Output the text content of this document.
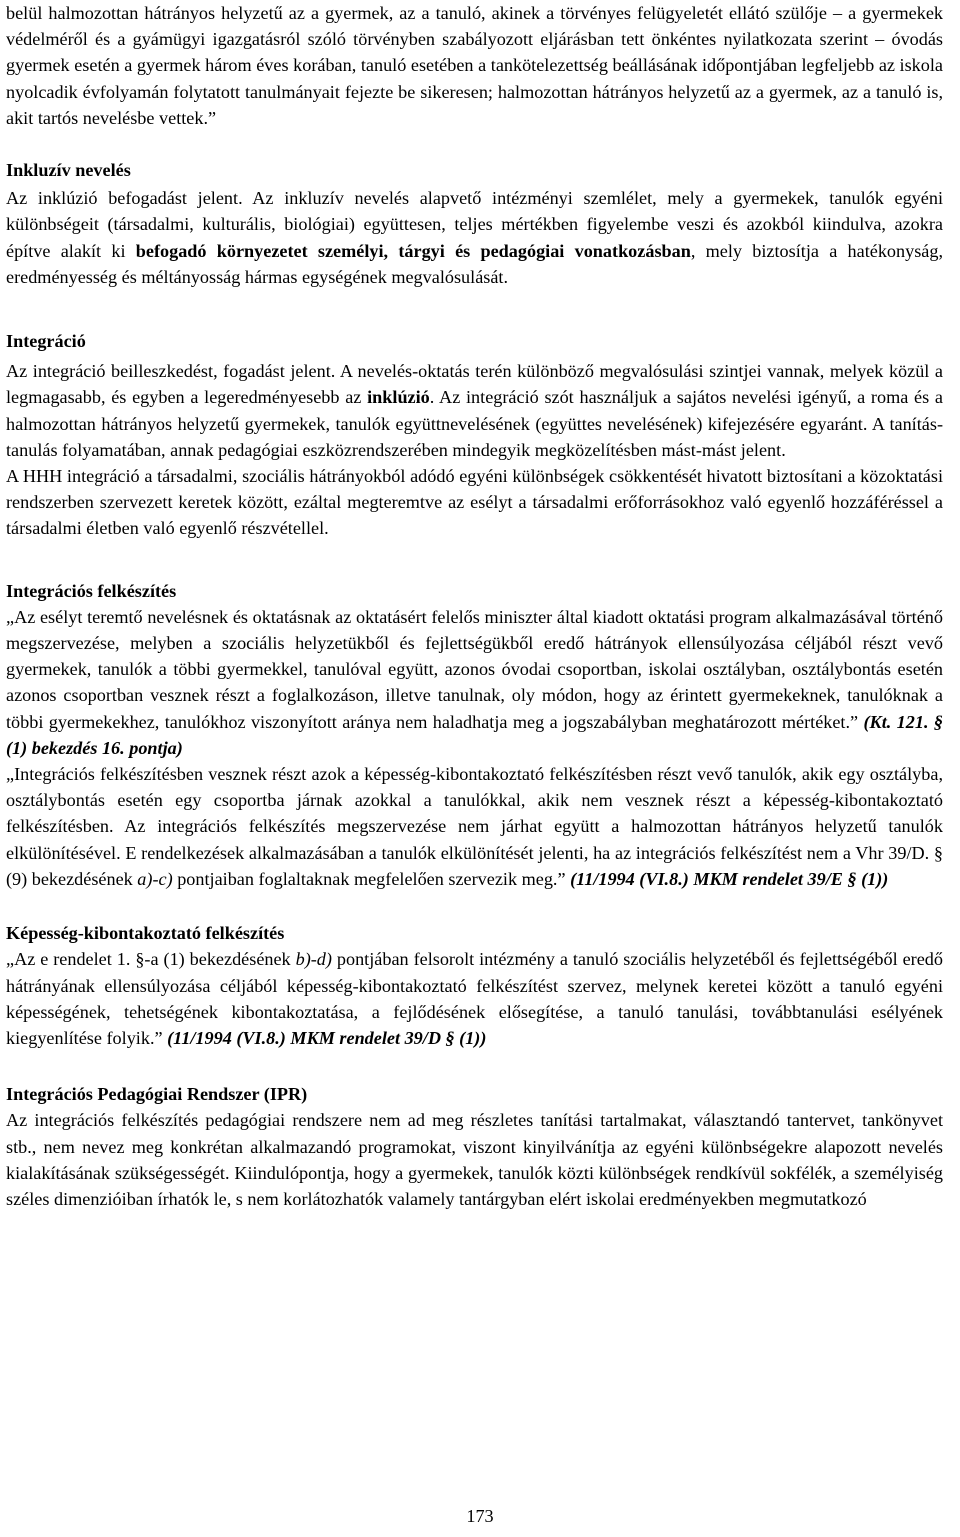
belül halmozottan hátrányos helyzetű az a gyermek, az a tanuló, akinek a törvényes felügyeletét ellátó szülője – a gyermekek védelméről és a gyámügyi igazgatásról szóló törvényben szabályozott eljárásban tett önkéntes nyilatkozata szerint – óvodás gyermek esetén a gyermek három éves korában, tanuló esetében a tankötelezettség beállásának időpontjában legfeljebb az iskola nyolcadik évfolyamán folytatott tanulmányait fejezte be sikeresen; halmozottan hátrányos helyzetű az a gyermek, az a tanuló is, akit tartós nevelésbe vettek.”

Inkluzív nevelés

Az inklúzió befogadást jelent. Az inkluzív nevelés alapvető intézményi szemlélet, mely a gyermekek, tanulók egyéni különbségeit (társadalmi, kulturális, biológiai) együttesen, teljes mértékben figyelembe veszi és azokból kiindulva, azokra építve alakít ki befogadó környezetet személyi, tárgyi és pedagógiai vonatkozásban, mely biztosítja a hatékonyság, eredményesség és méltányosság hármas egységének megvalósulását.

Integráció

Az integráció beilleszkedést, fogadást jelent. A nevelés-oktatás terén különböző megvalósulási szintjei vannak, melyek közül a legmagasabb, és egyben a legeredményesebb az inklúzió. Az integráció szót használjuk a sajátos nevelési igényű, a roma és a halmozottan hátrányos helyzetű gyermekek, tanulók együttnevelésének (együttes nevelésének) kifejezésére egyaránt. A tanítás-tanulás folyamatában, annak pedagógiai eszközrendszerében mindegyik megközelítésben mást-mást jelent.

A HHH integráció a társadalmi, szociális hátrányokból adódó egyéni különbségek csökkentését hivatott biztosítani a közoktatási rendszerben szervezett keretek között, ezáltal megteremtve az esélyt a társadalmi erőforrásokhoz való egyenlő hozzáféréssel a társadalmi életben való egyenlő részvétellel.

Integrációs felkészítés

„Az esélyt teremtő nevelésnek és oktatásnak az oktatásért felelős miniszter által kiadott oktatási program alkalmazásával történő megszervezése, melyben a szociális helyzetükből és fejlettségükből eredő hátrányok ellensúlyozása céljából részt vevő gyermekek, tanulók a többi gyermekkel, tanulóval együtt, azonos óvodai csoportban, iskolai osztályban, osztálybontás esetén azonos csoportban vesznek részt a foglalkozáson, illetve tanulnak, oly módon, hogy az érintett gyermekeknek, tanulóknak a többi gyermekekhez, tanulókhoz viszonyított aránya nem haladhatja meg a jogszabályban meghatározott mértéket.” (Kt. 121. § (1) bekezdés 16. pontja)

„Integrációs felkészítésben vesznek részt azok a képesség-kibontakoztató felkészítésben részt vevő tanulók, akik egy osztályba, osztálybontás esetén egy csoportba járnak azokkal a tanulókkal, akik nem vesznek részt a képesség-kibontakoztató felkészítésben. Az integrációs felkészítés megszervezése nem járhat együtt a halmozottan hátrányos helyzetű tanulók elkülönítésével. E rendelkezések alkalmazásában a tanulók elkülönítését jelenti, ha az integrációs felkészítést nem a Vhr 39/D. § (9) bekezdésének a)-c) pontjaiban foglaltaknak megfelelően szervezik meg.” (11/1994 (VI.8.) MKM rendelet 39/E § (1))

Képesség-kibontakoztató felkészítés

„Az e rendelet 1. §-a (1) bekezdésének b)-d) pontjában felsorolt intézmény a tanuló szociális helyzetéből és fejlettségéből eredő hátrányának ellensúlyozása céljából képesség-kibontakoztató felkészítést szervez, melynek keretei között a tanuló egyéni képességének, tehetségének kibontakoztatása, a fejlődésének elősegítése, a tanuló tanulási, továbbtanulási esélyének kiegyenlítése folyik.” (11/1994 (VI.8.) MKM rendelet 39/D § (1))

Integrációs Pedagógiai Rendszer (IPR)

Az integrációs felkészítés pedagógiai rendszere nem ad meg részletes tanítási tartalmakat, választandó tantervet, tankönyvet stb., nem nevez meg konkrétan alkalmazandó programokat, viszont kinyilvánítja az egyéni különbségekre alapozott nevelés kialakításának szükségességét. Kiindulópontja, hogy a gyermekek, tanulók közti különbségek rendkívül sokfélék, a személyiség széles dimenzióiban írhatók le, s nem korlátozhatók valamely tantárgyban elért iskolai eredményekben megmutatkozó

173
